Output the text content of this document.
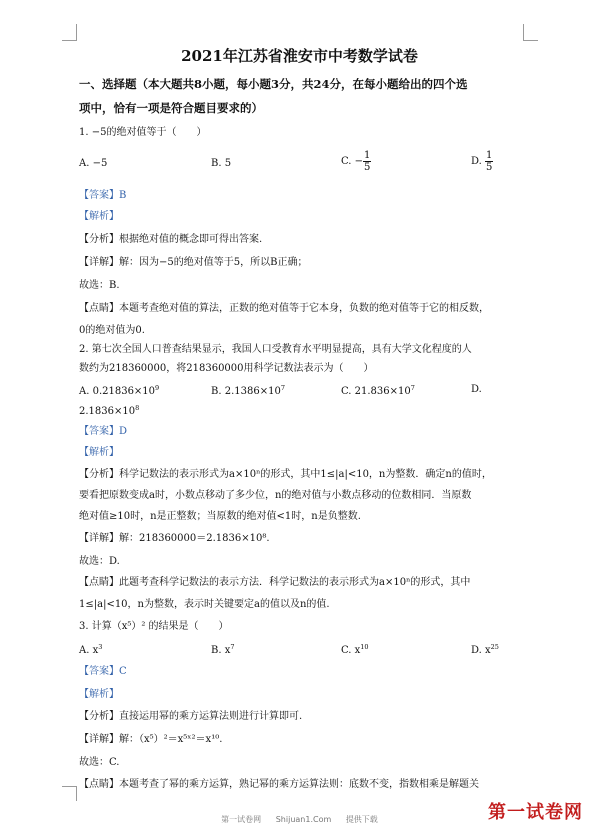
2021年江苏省淮安市中考数学试卷
一、选择题（本大题共8小题，每小题3分，共24分，在每小题给出的四个选
项中，恰有一项是符合题目要求的）
1. −5的绝对值等于（　　）
A. −5	B. 5	C. − $\frac{1}{5}$	D. $\frac{1}{5}$
【答案】B
【解析】
【分析】根据绝对值的概念即可得出答案.
【详解】解：因为−5的绝对值等于5，所以B正确；
故选：B.
【点睛】本题考查绝对值的算法，正数的绝对值等于它本身，负数的绝对值等于它的相反数，
0的绝对值为0.
2. 第七次全国人口普查结果显示，我国人口受教育水平明显提高，具有大学文化程度的人
数约为218360000，将218360000用科学记数法表示为（　　）
A. $0.21836\times 10^9$	B. $2.1386\times 10^7$	C. $21.836\times 10^7$	D.
$2.1836\times 10^8$
【答案】D
【解析】
【分析】科学记数法的表示形式为a×10ⁿ的形式，其中1≤|a|<10，n为整数．确定n的值时，
要看把原数变成a时，小数点移动了多少位，n的绝对值与小数点移动的位数相同．当原数
绝对值≥10时，n是正整数；当原数的绝对值<1时，n是负整数.
【详解】解：218360000＝2.1836×10⁸.
故选：D.
【点睛】此题考查科学记数法的表示方法．科学记数法的表示形式为a×10ⁿ的形式，其中
1≤|a|<10，n为整数，表示时关键要定a的值以及n的值.
3. 计算（x⁵）² 的结果是（　　）
A. $x^3$	B. $x^7$	C. $x^{10}$	D. $x^{25}$
【答案】C
【解析】
【分析】直接运用幂的乘方运算法则进行计算即可.
【详解】解：（x⁵）²＝x⁵ˣ²＝x¹⁰.
故选：C.
【点睛】本题考查了幂的乘方运算，熟记幂的乘方运算法则：底数不变，指数相乘是解题关
第一试卷网 Shijuan1.Com 提供下载	第一试卷网
